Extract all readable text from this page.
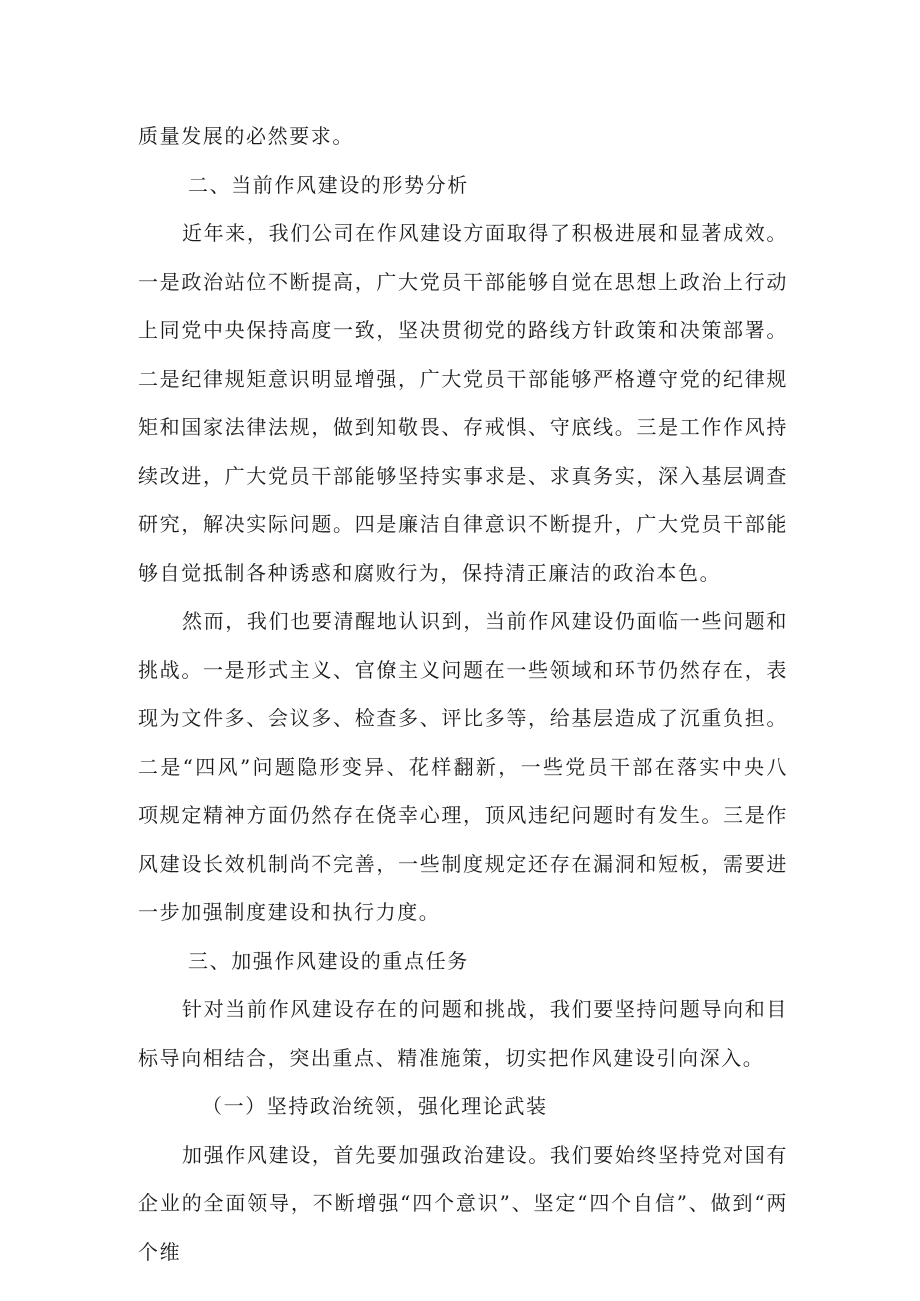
质量发展的必然要求。

二、当前作风建设的形势分析

近年来，我们公司在作风建设方面取得了积极进展和显著成效。一是政治站位不断提高，广大党员干部能够自觉在思想上政治上行动上同党中央保持高度一致，坚决贯彻党的路线方针政策和决策部署。二是纪律规矩意识明显增强，广大党员干部能够严格遵守党的纪律规矩和国家法律法规，做到知敬畏、存戒惧、守底线。三是工作作风持续改进，广大党员干部能够坚持实事求是、求真务实，深入基层调查研究，解决实际问题。四是廉洁自律意识不断提升，广大党员干部能够自觉抵制各种诱惑和腐败行为，保持清正廉洁的政治本色。

然而，我们也要清醒地认识到，当前作风建设仍面临一些问题和挑战。一是形式主义、官僚主义问题在一些领域和环节仍然存在，表现为文件多、会议多、检查多、评比多等，给基层造成了沉重负担。二是“四风”问题隐形变异、花样翻新，一些党员干部在落实中央八项规定精神方面仍然存在侥幸心理，顶风违纪问题时有发生。三是作风建设长效机制尚不完善，一些制度规定还存在漏洞和短板，需要进一步加强制度建设和执行力度。

三、加强作风建设的重点任务

针对当前作风建设存在的问题和挑战，我们要坚持问题导向和目标导向相结合，突出重点、精准施策，切实把作风建设引向深入。

（一）坚持政治统领，强化理论武装

加强作风建设，首先要加强政治建设。我们要始终坚持党对国有企业的全面领导，不断增强“四个意识”、坚定“四个自信”、做到“两个维
